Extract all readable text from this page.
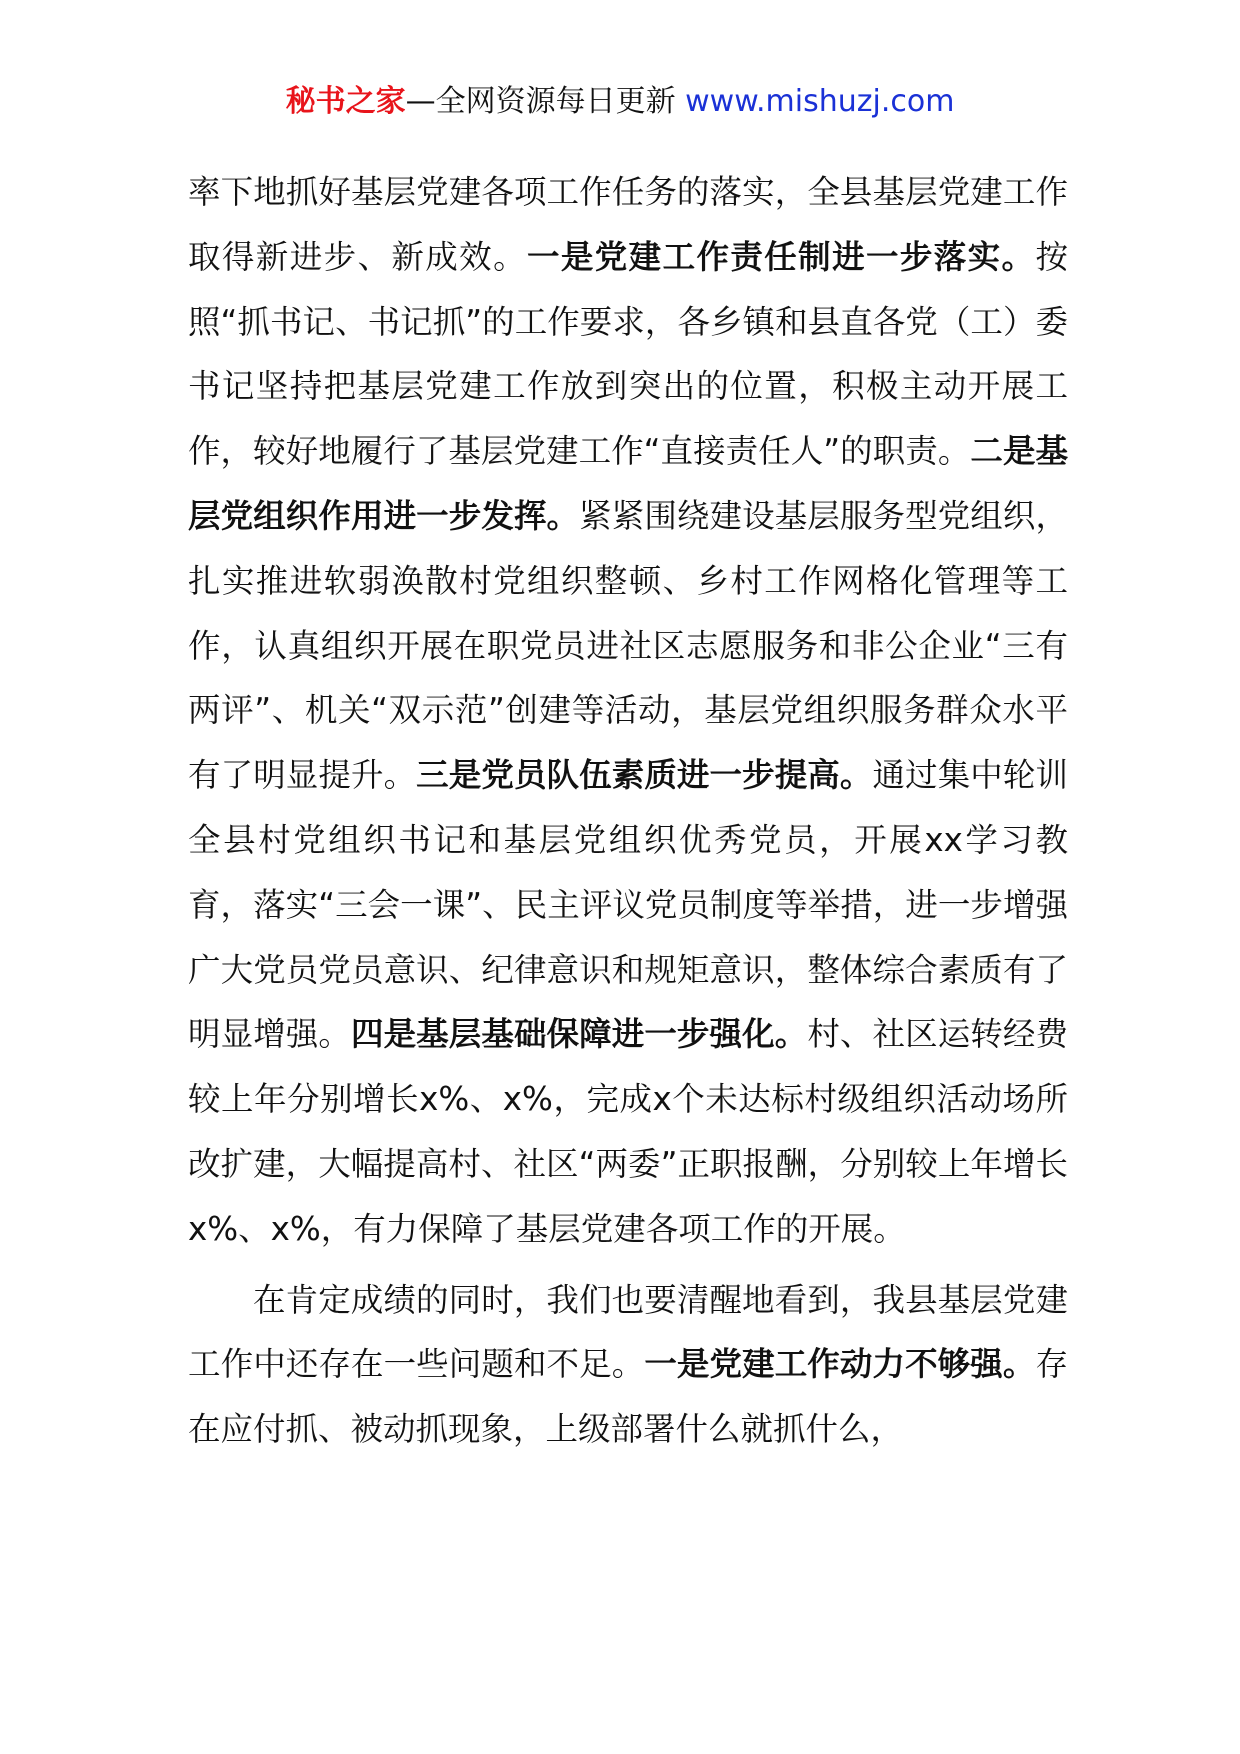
秘书之家—全网资源每日更新 www.mishuzj.com

率下地抓好基层党建各项工作任务的落实，全县基层党建工作取得新进步、新成效。一是党建工作责任制进一步落实。按照“抓书记、书记抓”的工作要求，各乡镇和县直各党（工）委书记坚持把基层党建工作放到突出的位置，积极主动开展工作，较好地履行了基层党建工作“直接责任人”的职责。二是基层党组织作用进一步发挥。紧紧围绕建设基层服务型党组织，扎实推进软弱涣散村党组织整顿、乡村工作网格化管理等工作，认真组织开展在职党员进社区志愿服务和非公企业“三有两评”、机关“双示范”创建等活动，基层党组织服务群众水平有了明显提升。三是党员队伍素质进一步提高。通过集中轮训全县村党组织书记和基层党组织优秀党员，开展xx学习教育，落实“三会一课”、民主评议党员制度等举措，进一步增强广大党员党员意识、纪律意识和规矩意识，整体综合素质有了明显增强。四是基层基础保障进一步强化。村、社区运转经费较上年分别增长x%、x%，完成x个未达标村级组织活动场所改扩建，大幅提高村、社区“两委”正职报酬，分别较上年增长x%、x%，有力保障了基层党建各项工作的开展。

在肯定成绩的同时，我们也要清醒地看到，我县基层党建工作中还存在一些问题和不足。一是党建工作动力不够强。存在应付抓、被动抓现象，上级部署什么就抓什么，
